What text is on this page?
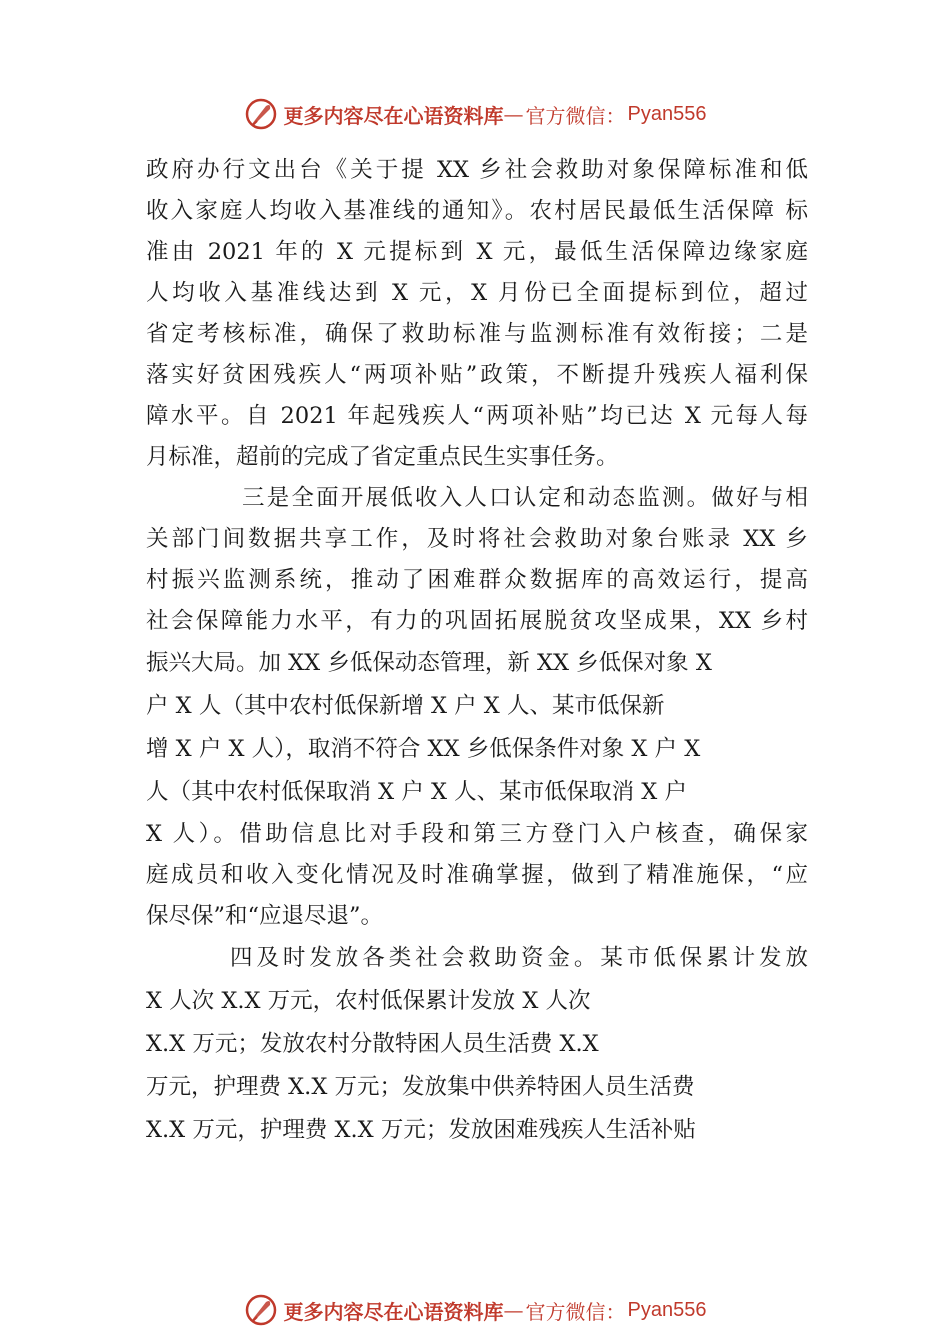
更多内容尽在心语资料库 — 官方微信： Pyan556
政府办行文出台《关于提 XX 乡社会救助对象保障标准和低
收入家庭人均收入基准线的通知》。农村居民最低生活保障 标
准由 2021 年的 X 元提标到 X 元，最低生活保障边缘家庭
人均收入基准线达到 X 元，X 月份已全面提标到位，超过
省定考核标准，确保了救助标准与监测标准有效衔接；二是
落实好贫困残疾人“两项补贴”政策，不断提升残疾人福利保
障水平。自 2021 年起残疾人“两项补贴”均已达 X 元每人每
月标准，超前的完成了省定重点民生实事任务。
三是全面开展低收入人口认定和动态监测。做好与相
关部门间数据共享工作，及时将社会救助对象台账录 XX 乡
村振兴监测系统，推动了困难群众数据库的高效运行，提高
社会保障能力水平，有力的巩固拓展脱贫攻坚成果，XX 乡村
振兴大局。加 XX 乡低保动态管理，新 XX 乡低保对象 X
户 X 人（其中农村低保新增 X 户 X 人、某市低保新
增 X 户 X 人），取消不符合 XX 乡低保条件对象 X 户 X
人（其中农村低保取消 X 户 X 人、某市低保取消 X 户
X 人）。借助信息比对手段和第三方登门入户核查，确保家
庭成员和收入变化情况及时准确掌握，做到了精准施保，“应
保尽保”和“应退尽退”。
四及时发放各类社会救助资金。某市低保累计发放
X 人次 X.X 万元，农村低保累计发放 X 人次
X.X 万元；发放农村分散特困人员生活费 X.X
万元，护理费 X.X 万元；发放集中供养特困人员生活费
X.X 万元，护理费 X.X 万元；发放困难残疾人生活补贴
更多内容尽在心语资料库 — 官方微信： Pyan556
